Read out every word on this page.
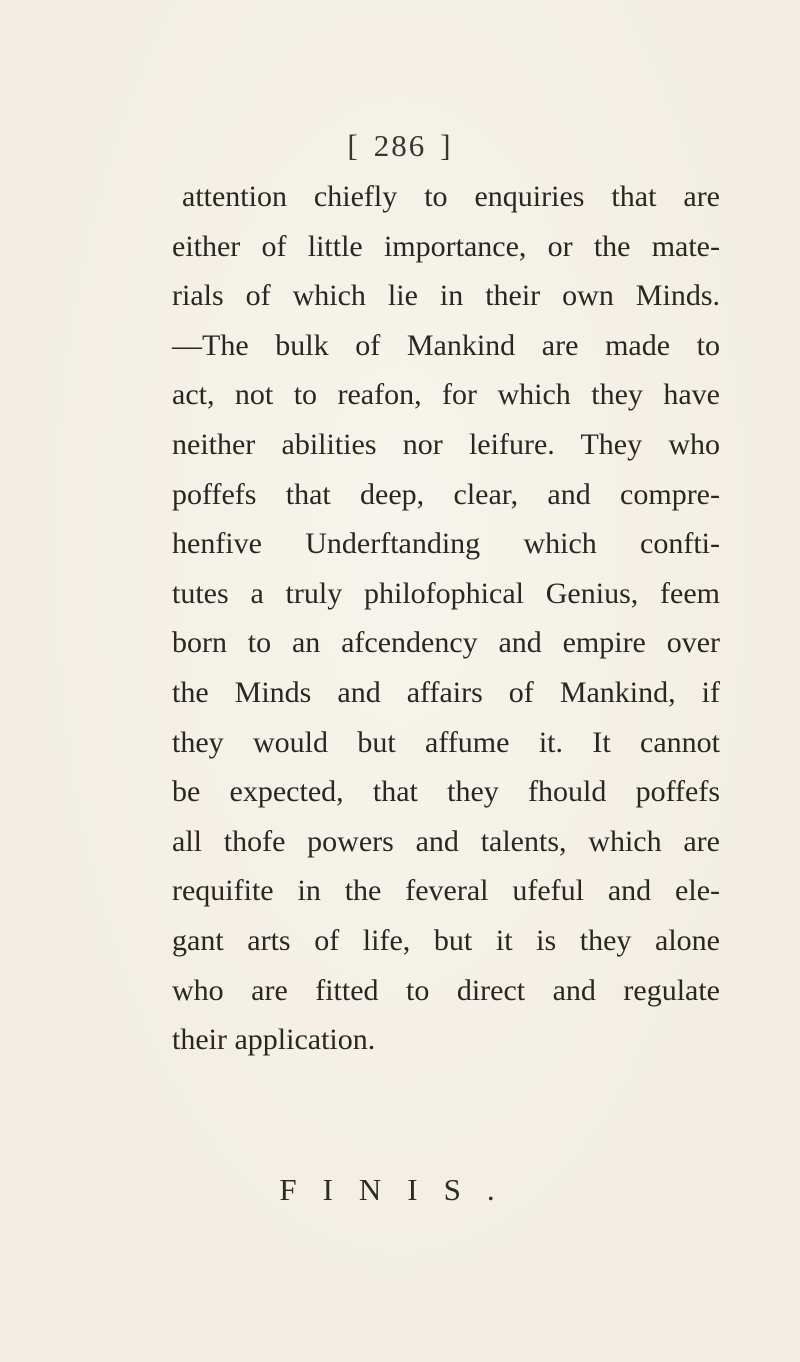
[ 286 ]
attention chiefly to enquiries that are
either of little importance, or the mate-
rials of which lie in their own Minds.
—The bulk of Mankind are made to
act, not to reafon, for which they have
neither abilities nor leifure. They who
poffefs that deep, clear, and compre-
henfive Underftanding which confti-
tutes a truly philofophical Genius, feem
born to an afcendency and empire over
the Minds and affairs of Mankind, if
they would but affume it. It cannot
be expected, that they fhould poffefs
all thofe powers and talents, which are
requifite in the feveral ufeful and ele-
gant arts of life, but it is they alone
who are fitted to direct and regulate
their application.
FINIS.
